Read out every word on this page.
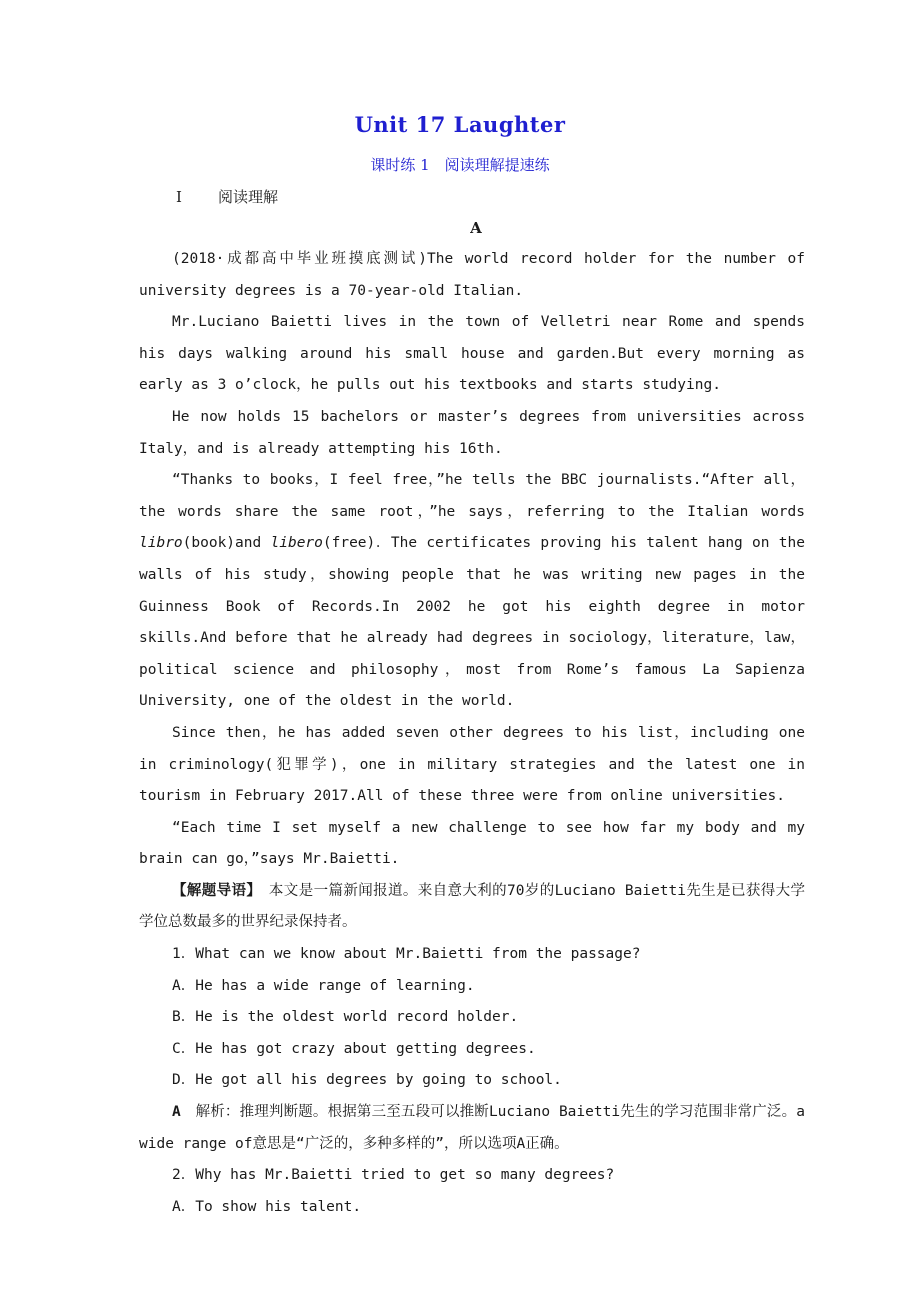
Unit 17 Laughter
课时练 1　阅读理解提速练
Ⅰ 阅读理解
A

(2018·成都高中毕业班摸底测试)The world record holder for the number of university degrees is a 70-year-old Italian.

Mr.Luciano Baietti lives in the town of Velletri near Rome and spends his days walking around his small house and garden.But every morning as early as 3 o’clock，he pulls out his textbooks and starts studying.

He now holds 15 bachelors or master’s degrees from universities across Italy，and is already attempting his 16th.

“Thanks to books，I feel free，”he tells the BBC journalists.“After all，the words share the same root，”he says，referring to the Italian words libro(book)and libero(free)．The certificates proving his talent hang on the walls of his study，showing people that he was writing new pages in the Guinness Book of Records.In 2002 he got his eighth degree in motor skills.And before that he already had degrees in sociology，literature，law，political science and philosophy，most from Rome’s famous La Sapienza University, one of the oldest in the world.

Since then，he has added seven other degrees to his list，including one in criminology(犯罪学)，one in military strategies and the latest one in tourism in February 2017.All of these three were from online universities.

“Each time I set myself a new challenge to see how far my body and my brain can go，”says Mr.Baietti.

【解题导语】　本文是一篇新闻报道。来自意大利的70岁的Luciano Baietti先生是已获得大学学位总数最多的世界纪录保持者。

1．What can we know about Mr.Baietti from the passage?

A．He has a wide range of learning.

B．He is the oldest world record holder.

C．He has got crazy about getting degrees.

D．He got all his degrees by going to school.

A　解析：推理判断题。根据第三至五段可以推断Luciano Baietti先生的学习范围非常广泛。a wide range of意思是“广泛的，多种多样的”，所以选项A正确。

2．Why has Mr.Baietti tried to get so many degrees?

A．To show his talent.
